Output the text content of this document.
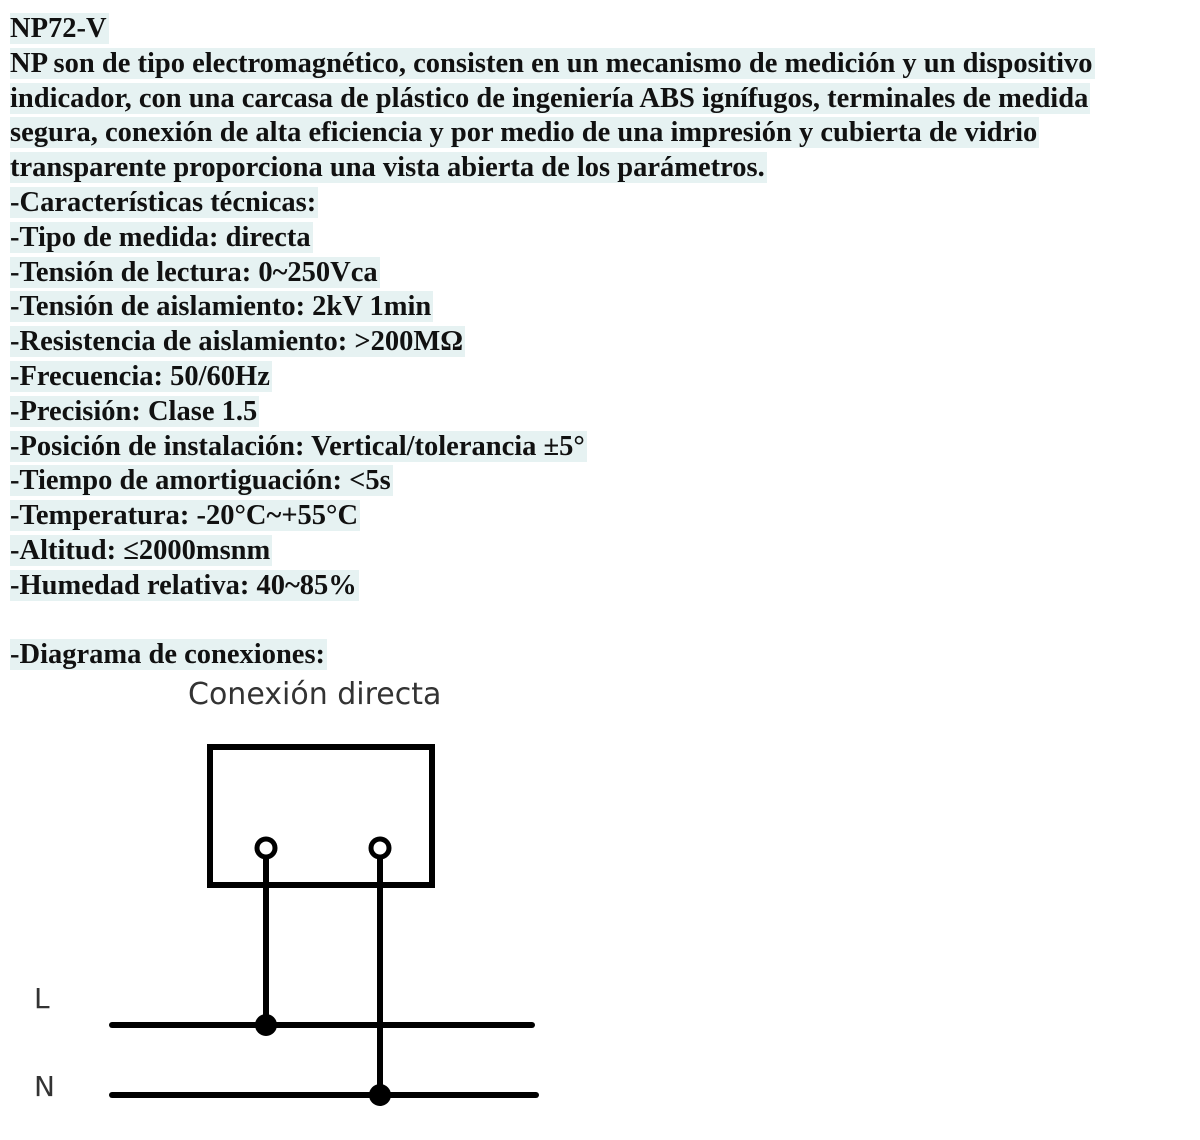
NP72-V
NP son de tipo electromagnético, consisten en un mecanismo de medición y un dispositivo
indicador, con una carcasa de plástico de ingeniería ABS ignífugos, terminales de medida
segura, conexión de alta eficiencia y por medio de una impresión y cubierta de vidrio
transparente proporciona una vista abierta de los parámetros.
-Características técnicas:
-Tipo de medida: directa
-Tensión de lectura: 0~250Vca
-Tensión de aislamiento: 2kV 1min
-Resistencia de aislamiento: >200MΩ
-Frecuencia: 50/60Hz
-Precisión: Clase 1.5
-Posición de instalación: Vertical/tolerancia ±5°
-Tiempo de amortiguación: <5s
-Temperatura: -20°C~+55°C
-Altitud: ≤2000msnm
-Humedad relativa: 40~85%
-Diagrama de conexiones:
Conexión directa
L
N
